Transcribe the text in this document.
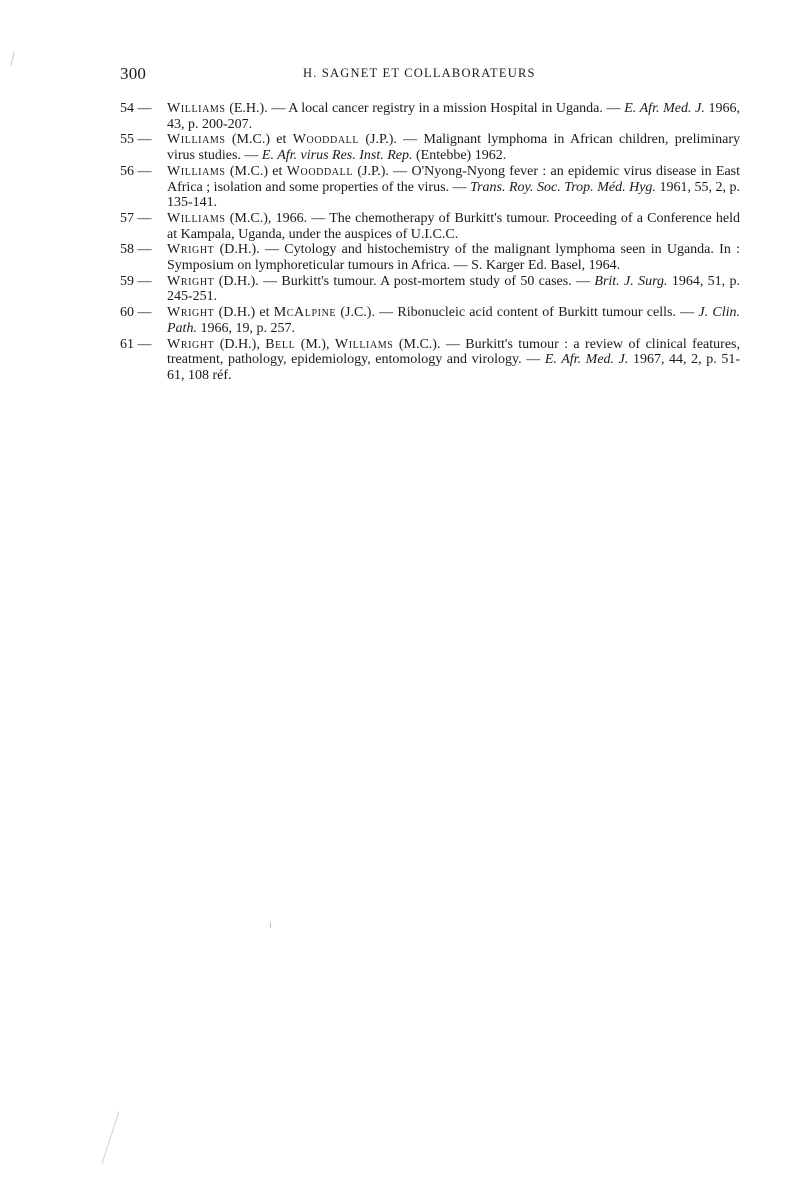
300	H. SAGNET ET COLLABORATEURS
54 — Williams (E.H.). — A local cancer registry in a mission Hospital in Uganda. — E. Afr. Med. J. 1966, 43, p. 200-207.
55 — Williams (M.C.) et Wooddall (J.P.). — Malignant lymphoma in African children, preliminary virus studies. — E. Afr. virus Res. Inst. Rep. (Entebbe) 1962.
56 — Williams (M.C.) et Wooddall (J.P.). — O'Nyong-Nyong fever : an epidemic virus disease in East Africa ; isolation and some properties of the virus. — Trans. Roy. Soc. Trop. Méd. Hyg. 1961, 55, 2, p. 135-141.
57 — Williams (M.C.), 1966. — The chemotherapy of Burkitt's tumour. Proceeding of a Conference held at Kampala, Uganda, under the auspices of U.I.C.C.
58 — Wright (D.H.). — Cytology and histochemistry of the malignant lymphoma seen in Uganda. In : Symposium on lymphoreticular tumours in Africa. — S. Karger Ed. Basel, 1964.
59 — Wright (D.H.). — Burkitt's tumour. A post-mortem study of 50 cases. — Brit. J. Surg. 1964, 51, p. 245-251.
60 — Wright (D.H.) et McAlpine (J.C.). — Ribonucleic acid content of Burkitt tumour cells. — J. Clin. Path. 1966, 19, p. 257.
61 — Wright (D.H.), Bell (M.), Williams (M.C.). — Burkitt's tumour : a review of clinical features, treatment, pathology, epidemiology, entomology and virology. — E. Afr. Med. J. 1967, 44, 2, p. 51-61, 108 réf.
